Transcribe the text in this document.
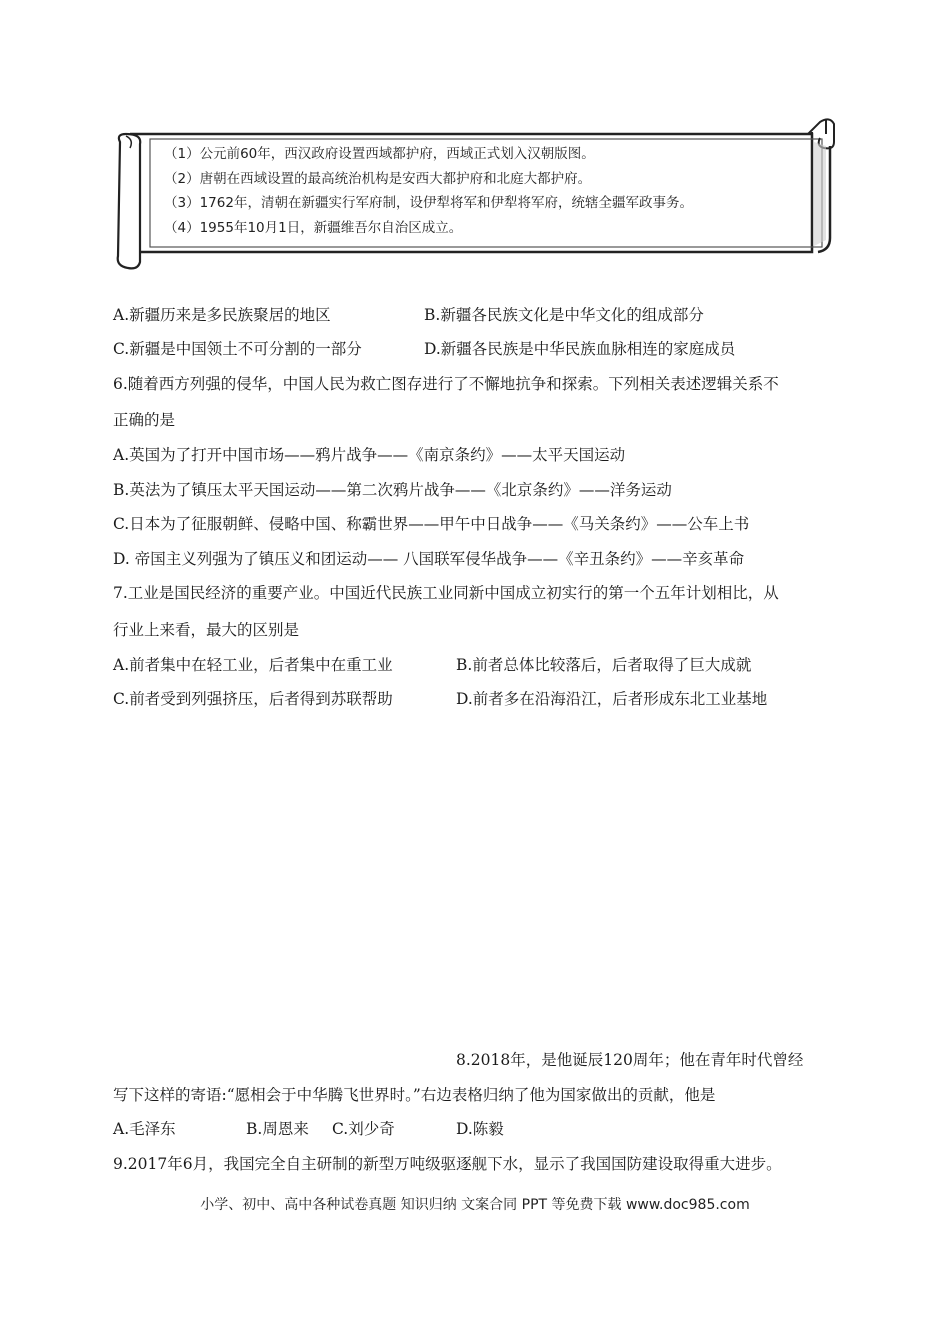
（1）公元前60年，西汉政府设置西域都护府，西域正式划入汉朝版图。
（2）唐朝在西域设置的最高统治机构是安西大都护府和北庭大都护府。
（3）1762年，清朝在新疆实行军府制，设伊犁将军和伊犁将军府，统辖全疆军政事务。
（4）1955年10月1日，新疆维吾尔自治区成立。
A.新疆历来是多民族聚居的地区	B.新疆各民族文化是中华文化的组成部分
C.新疆是中国领土不可分割的一部分	D.新疆各民族是中华民族血脉相连的家庭成员
6.随着西方列强的侵华，中国人民为救亡图存进行了不懈地抗争和探索。下列相关表述逻辑关系不
正确的是
A.英国为了打开中国市场——鸦片战争——《南京条约》——太平天国运动
B.英法为了镇压太平天国运动——第二次鸦片战争——《北京条约》——洋务运动
C.日本为了征服朝鲜、侵略中国、称霸世界——甲午中日战争——《马关条约》——公车上书
D. 帝国主义列强为了镇压义和团运动—— 八国联军侵华战争——《辛丑条约》——辛亥革命
7.工业是国民经济的重要产业。中国近代民族工业同新中国成立初实行的第一个五年计划相比，从
行业上来看，最大的区别是
A.前者集中在轻工业，后者集中在重工业	B.前者总体比较落后，后者取得了巨大成就
C.前者受到列强挤压，后者得到苏联帮助	D.前者多在沿海沿江，后者形成东北工业基地
8.2018年，是他诞辰120周年；他在青年时代曾经
写下这样的寄语:“愿相会于中华腾飞世界时。”右边表格归纳了他为国家做出的贡献，他是
A.毛泽东	B.周恩来 C.刘少奇	D.陈毅
9.2017年6月，我国完全自主研制的新型万吨级驱逐舰下水，显示了我国国防建设取得重大进步。
小学、初中、高中各种试卷真题 知识归纳 文案合同 PPT 等免费下载 www.doc985.com
